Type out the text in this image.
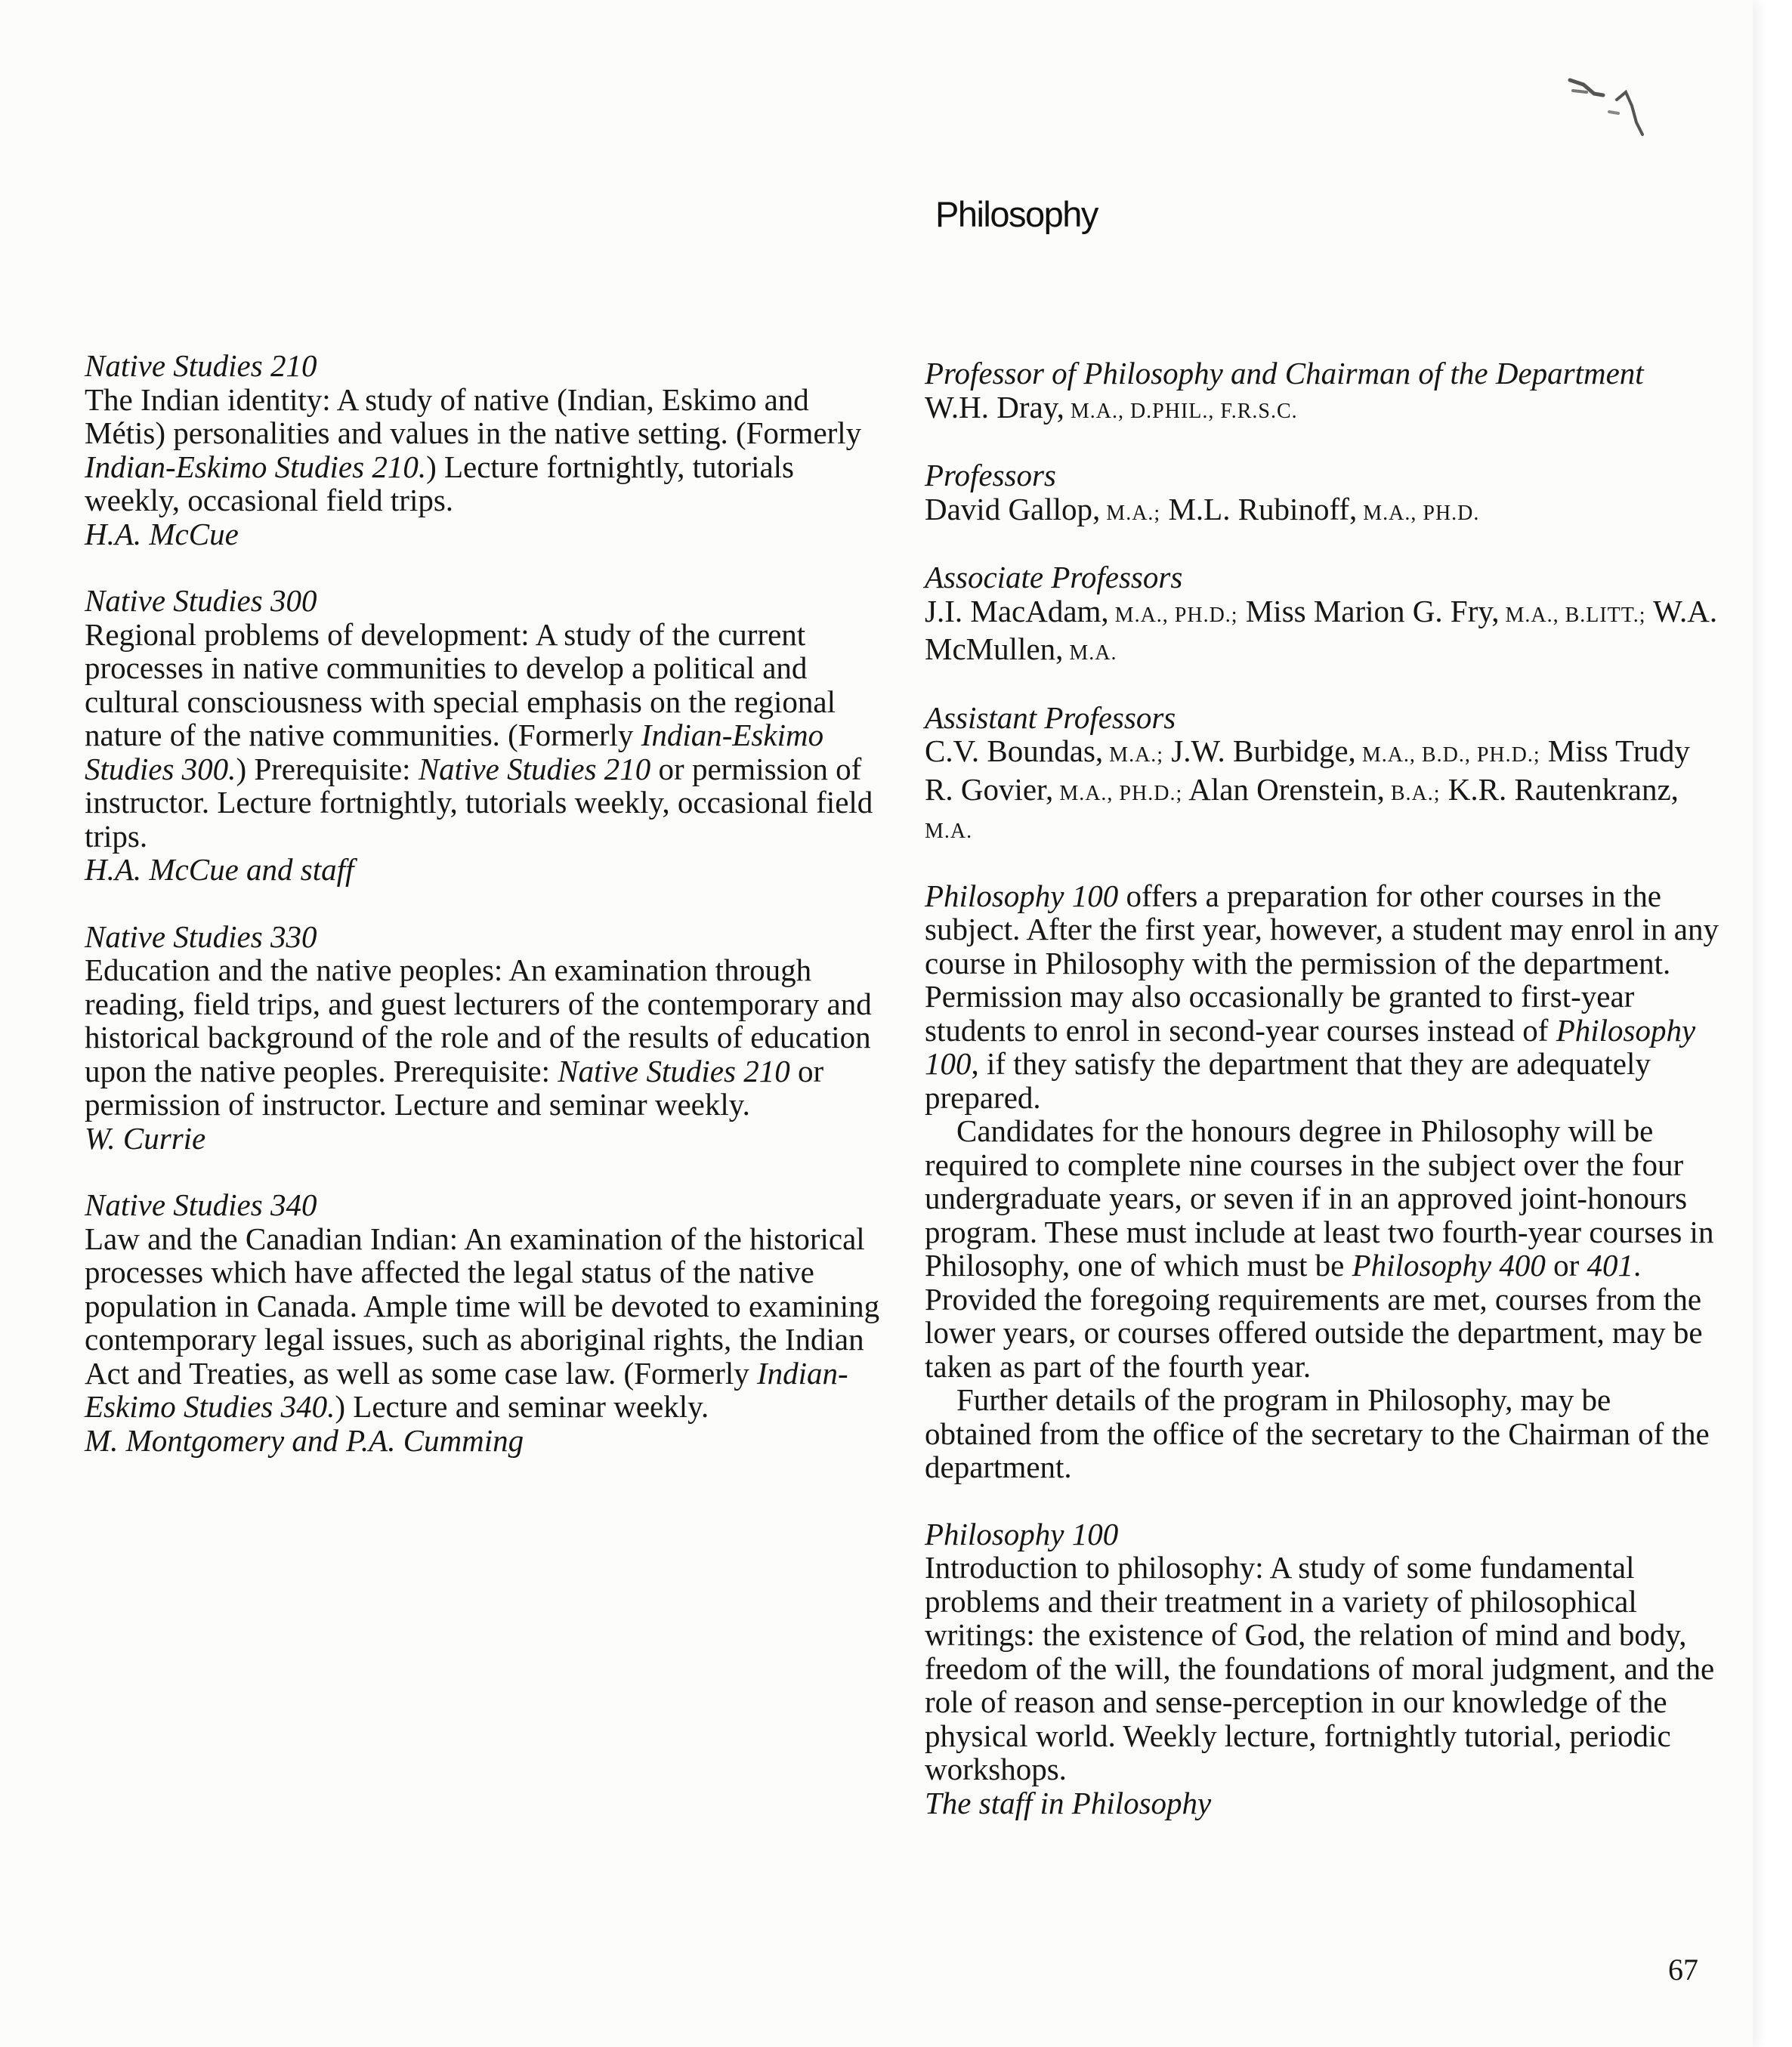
Philosophy
Native Studies 210

The Indian identity: A study of native (Indian, Eskimo and Métis) personalities and values in the native setting. (Formerly Indian-Eskimo Studies 210.) Lecture fortnightly, tutorials weekly, occasional field trips.

H.A. McCue
Native Studies 300

Regional problems of development: A study of the current processes in native communities to develop a political and cultural consciousness with special emphasis on the regional nature of the native communities. (Formerly Indian-Eskimo Studies 300.) Prerequisite: Native Studies 210 or permission of instructor. Lecture fortnightly, tutorials weekly, occasional field trips.

H.A. McCue and staff
Native Studies 330

Education and the native peoples: An examination through reading, field trips, and guest lecturers of the contemporary and historical background of the role and of the results of education upon the native peoples. Prerequisite: Native Studies 210 or permission of instructor. Lecture and seminar weekly.

W. Currie
Native Studies 340

Law and the Canadian Indian: An examination of the historical processes which have affected the legal status of the native population in Canada. Ample time will be devoted to examining contemporary legal issues, such as aboriginal rights, the Indian Act and Treaties, as well as some case law. (Formerly Indian-Eskimo Studies 340.) Lecture and seminar weekly.

M. Montgomery and P.A. Cumming
Professor of Philosophy and Chairman of the Department
W.H. Dray, M.A., D.PHIL., F.R.S.C.
Professors
David Gallop, M.A.; M.L. Rubinoff, M.A., PH.D.
Associate Professors
J.I. MacAdam, M.A., PH.D.; Miss Marion G. Fry, M.A., B.LITT.; W.A. McMullen, M.A.
Assistant Professors
C.V. Boundas, M.A.; J.W. Burbidge, M.A., B.D., PH.D.; Miss Trudy R. Govier, M.A., PH.D.; Alan Orenstein, B.A.; K.R. Rautenkranz, M.A.

Philosophy 100 offers a preparation for other courses in the subject. After the first year, however, a student may enrol in any course in Philosophy with the permission of the department. Permission may also occasionally be granted to first-year students to enrol in second-year courses instead of Philosophy 100, if they satisfy the department that they are adequately prepared.

Candidates for the honours degree in Philosophy will be required to complete nine courses in the subject over the four undergraduate years, or seven if in an approved joint-honours program. These must include at least two fourth-year courses in Philosophy, one of which must be Philosophy 400 or 401. Provided the foregoing requirements are met, courses from the lower years, or courses offered outside the department, may be taken as part of the fourth year.

Further details of the program in Philosophy, may be obtained from the office of the secretary to the Chairman of the department.

Philosophy 100

Introduction to philosophy: A study of some fundamental problems and their treatment in a variety of philosophical writings: the existence of God, the relation of mind and body, freedom of the will, the foundations of moral judgment, and the role of reason and sense-perception in our knowledge of the physical world. Weekly lecture, fortnightly tutorial, periodic workshops.

The staff in Philosophy
67
